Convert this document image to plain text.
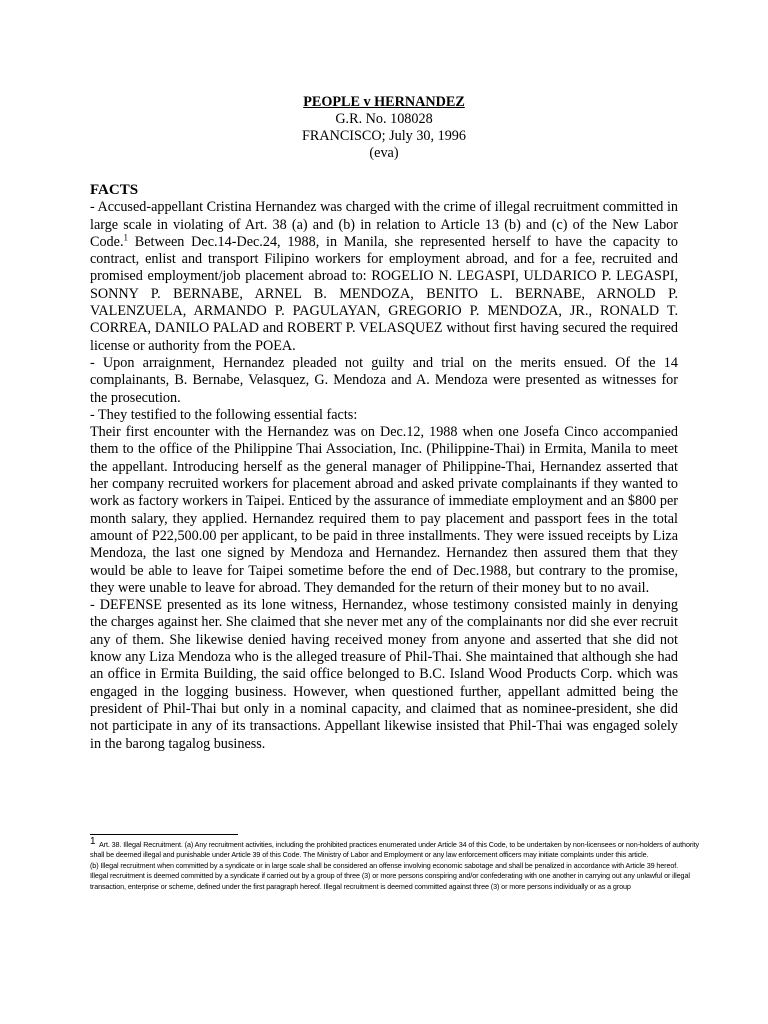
PEOPLE v HERNANDEZ
G.R. No. 108028
FRANCISCO; July 30, 1996
(eva)
FACTS

- Accused-appellant Cristina Hernandez was charged with the crime of illegal recruitment committed in large scale in violating of Art. 38 (a) and (b) in relation to Article 13 (b) and (c) of the New Labor Code.$^1$ Between Dec.14-Dec.24, 1988, in Manila, she represented herself to have the capacity to contract, enlist and transport Filipino workers for employment abroad, and for a fee, recruited and promised employment/job placement abroad to: ROGELIO N. LEGASPI, ULDARICO P. LEGASPI, SONNY P. BERNABE, ARNEL B. MENDOZA, BENITO L. BERNABE, ARNOLD P. VALENZUELA, ARMANDO P. PAGULAYAN, GREGORIO P. MENDOZA, JR., RONALD T. CORREA, DANILO PALAD and ROBERT P. VELASQUEZ without first having secured the required license or authority from the POEA.

- Upon arraignment, Hernandez pleaded not guilty and trial on the merits ensued. Of the 14 complainants, B. Bernabe, Velasquez, G. Mendoza and A. Mendoza were presented as witnesses for the prosecution.

- They testified to the following essential facts:

Their first encounter with the Hernandez was on Dec.12, 1988 when one Josefa Cinco accompanied them to the office of the Philippine Thai Association, Inc. (Philippine-Thai) in Ermita, Manila to meet the appellant. Introducing herself as the general manager of Philippine-Thai, Hernandez asserted that her company recruited workers for placement abroad and asked private complainants if they wanted to work as factory workers in Taipei. Enticed by the assurance of immediate employment and an $800 per month salary, they applied. Hernandez required them to pay placement and passport fees in the total amount of P22,500.00 per applicant, to be paid in three installments. They were issued receipts by Liza Mendoza, the last one signed by Mendoza and Hernandez. Hernandez then assured them that they would be able to leave for Taipei sometime before the end of Dec.1988, but contrary to the promise, they were unable to leave for abroad. They demanded for the return of their money but to no avail.

- DEFENSE presented as its lone witness, Hernandez, whose testimony consisted mainly in denying the charges against her. She claimed that she never met any of the complainants nor did she ever recruit any of them. She likewise denied having received money from anyone and asserted that she did not know any Liza Mendoza who is the alleged treasure of Phil-Thai. She maintained that although she had an office in Ermita Building, the said office belonged to B.C. Island Wood Products Corp. which was engaged in the logging business. However, when questioned further, appellant admitted being the president of Phil-Thai but only in a nominal capacity, and claimed that as nominee-president, she did not participate in any of its transactions. Appellant likewise insisted that Phil-Thai was engaged solely in the barong tagalog business.

$^1$ Art. 38. Illegal Recruitment. (a) Any recruitment activities, including the prohibited practices enumerated under Article 34 of this Code, to be undertaken by non-licensees or non-holders of authority shall be deemed illegal and punishable under Article 39 of this Code. The Ministry of Labor and Employment or any law enforcement officers may initiate complaints under this article.

(b) Illegal recruitment when committed by a syndicate or in large scale shall be considered an offense involving economic sabotage and shall be penalized in accordance with Article 39 hereof.

Illegal recruitment is deemed committed by a syndicate if carried out by a group of three (3) or more persons conspiring and/or confederating with one another in carrying out any unlawful or illegal transaction, enterprise or scheme, defined under the first paragraph hereof. Illegal recruitment is deemed committed against three (3) or more persons individually or as a group
